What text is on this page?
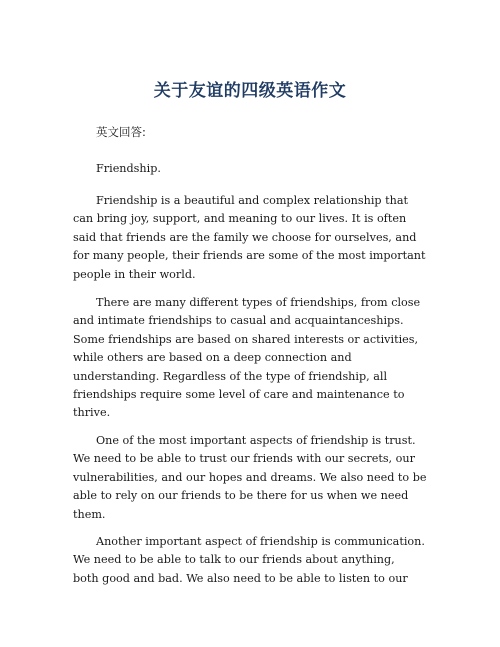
关于友谊的四级英语作文
英文回答:
Friendship.
Friendship is a beautiful and complex relationship that
can bring joy, support, and meaning to our lives. It is often
said that friends are the family we choose for ourselves, and
for many people, their friends are some of the most important
people in their world.
There are many different types of friendships, from close
and intimate friendships to casual and acquaintanceships.
Some friendships are based on shared interests or activities,
while others are based on a deep connection and
understanding. Regardless of the type of friendship, all
friendships require some level of care and maintenance to
thrive.
One of the most important aspects of friendship is trust.
We need to be able to trust our friends with our secrets, our
vulnerabilities, and our hopes and dreams. We also need to be
able to rely on our friends to be there for us when we need
them.
Another important aspect of friendship is communication.
We need to be able to talk to our friends about anything,
both good and bad. We also need to be able to listen to our
